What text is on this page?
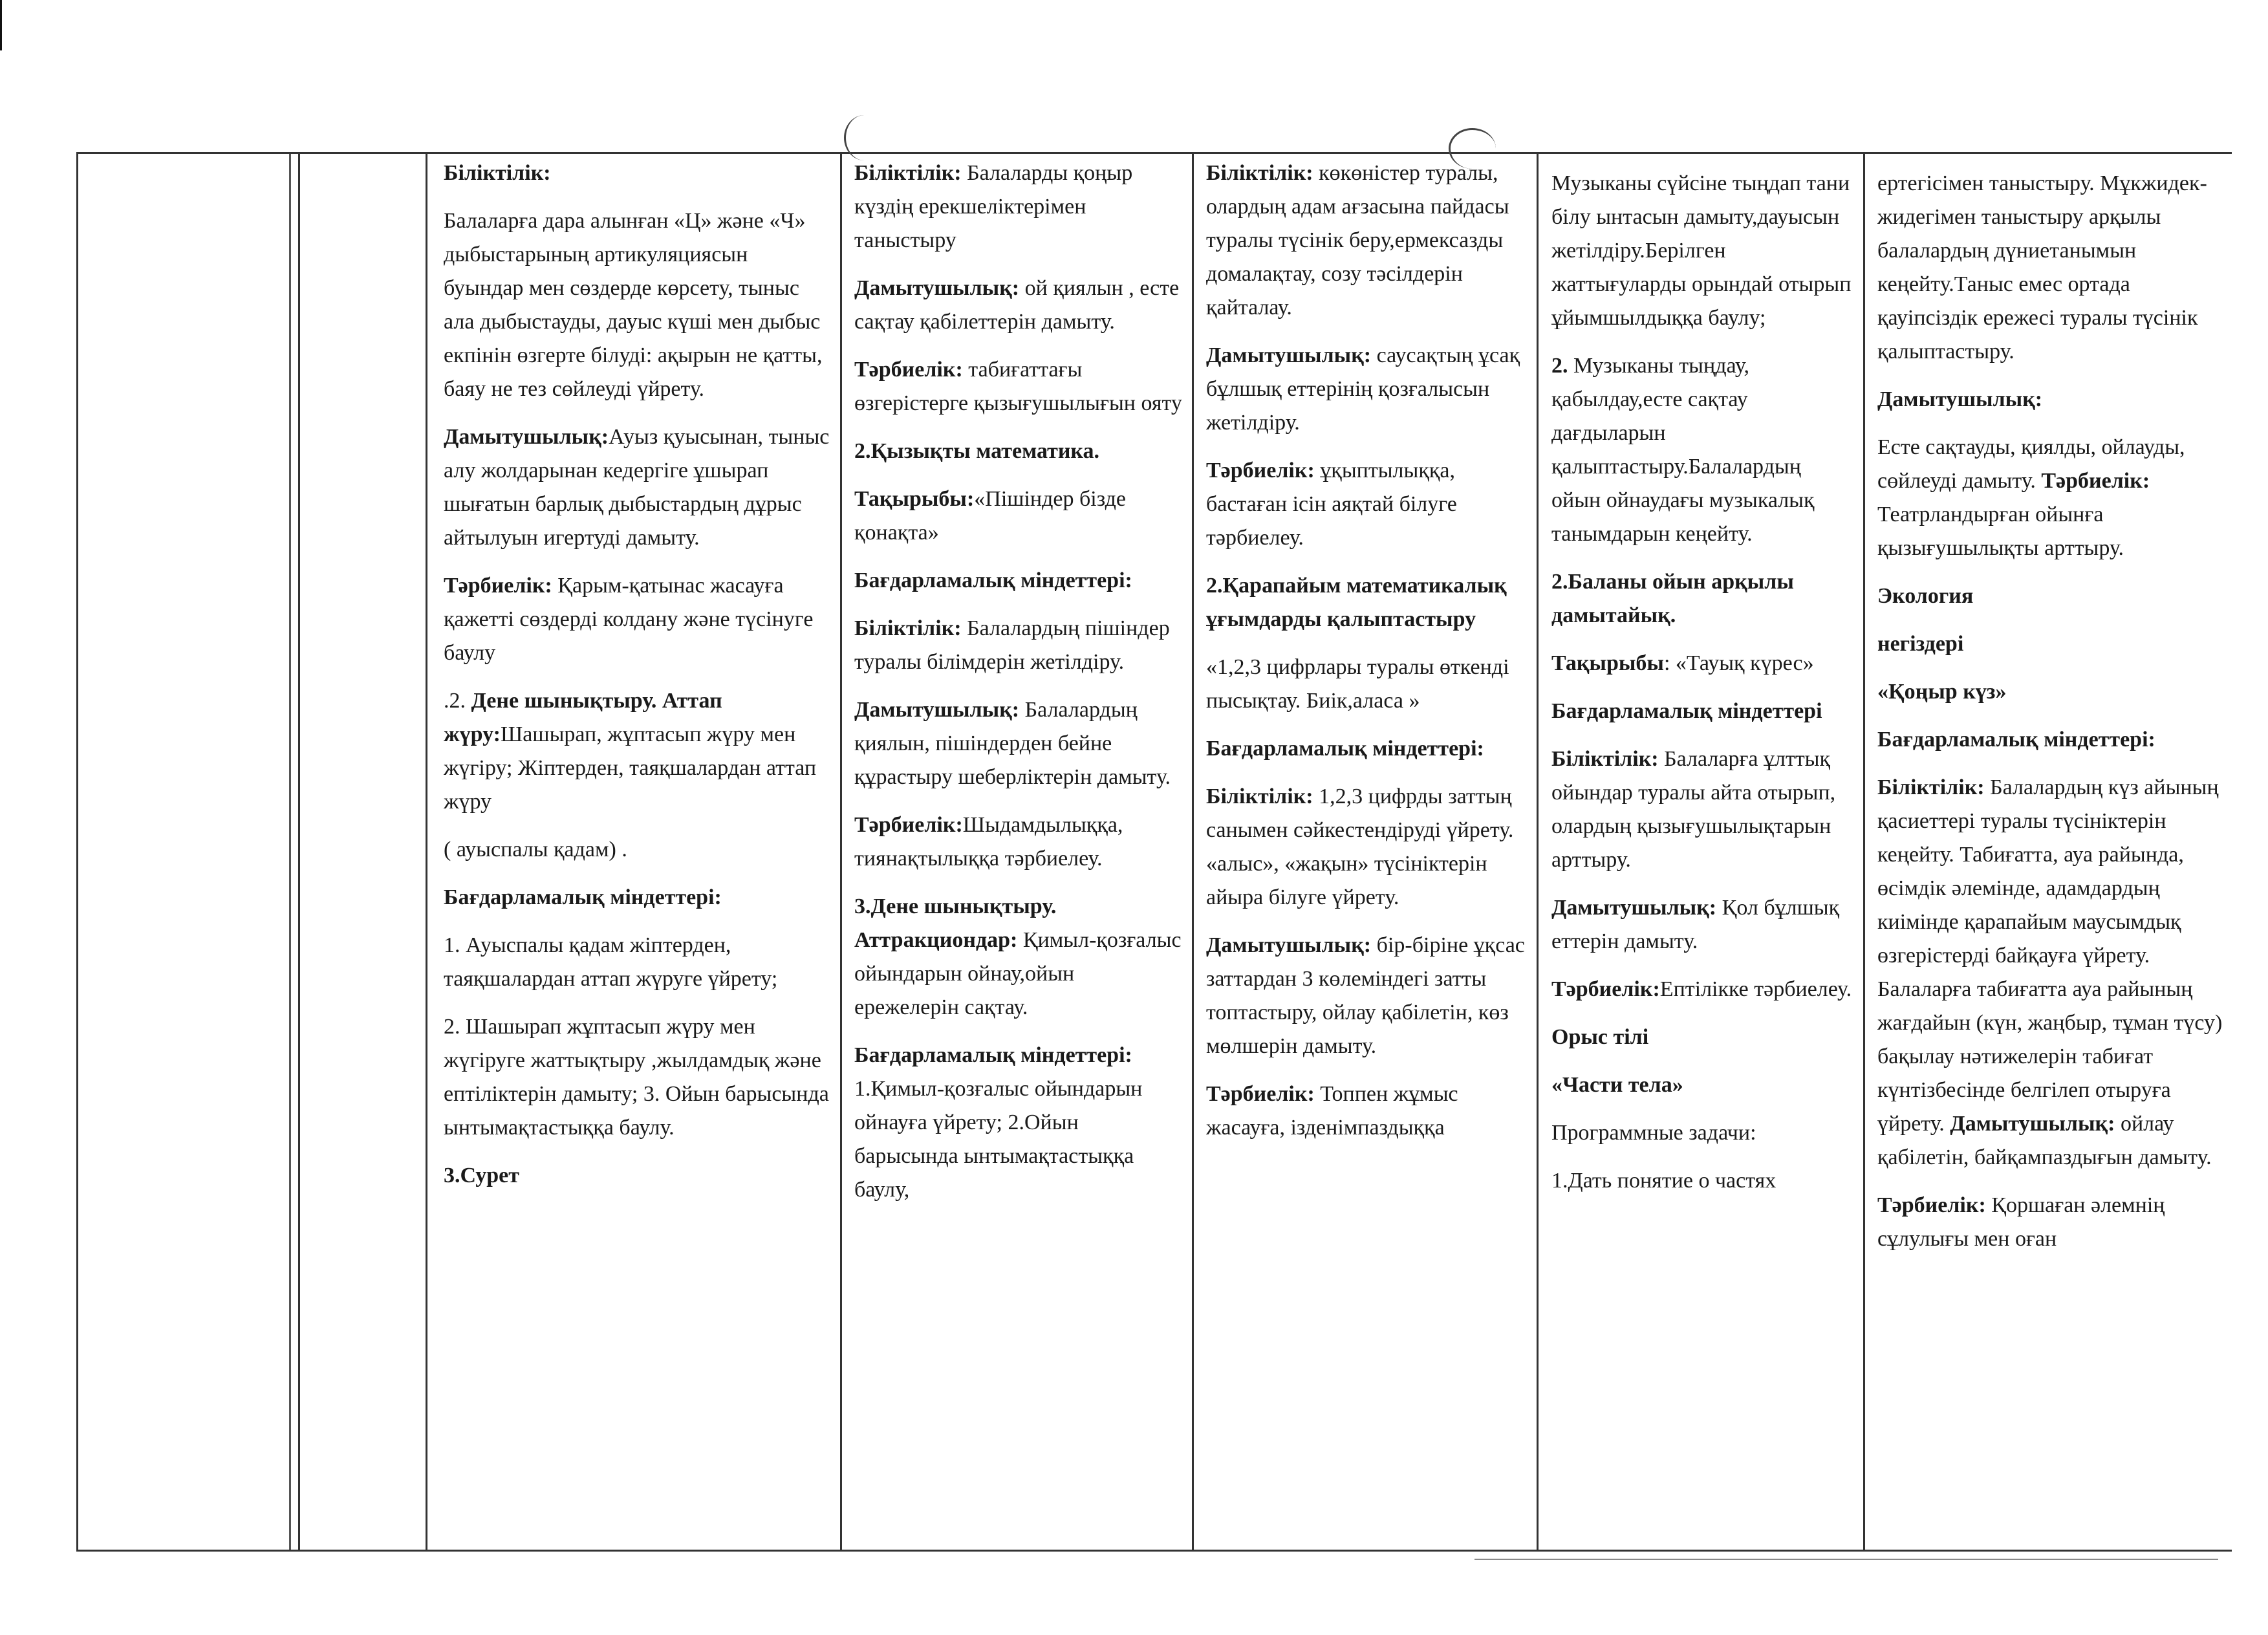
Біліктілік:

Балаларға дара алынған «Ц» және «Ч» дыбыстарының артикуляциясын буындар мен сөздерде көрсету, тыныс ала дыбыстауды, дауыс күші мен дыбыс екпінін өзгерте білуді: ақырын не қатты, баяу не тез сөйлеуді үйрету.

Дамытушылық:Ауыз қуысынан, тыныс алу жолдарынан кедергіге ұшырап шығатын барлық дыбыстардың дұрыс айтылуын игертуді дамыту.

Тәрбиелік: Қарым-қатынас жасауға қажетті сөздерді колдану және түсінуге баулу

.2. Дене шынықтыру. Аттап жүру:Шашырап, жұптасып жүру мен жүгіру; Жіптерден, таяқшалардан аттап жүру

( ауыспалы қадам) .

Бағдарламалық міндеттері:

1. Ауыспалы қадам жіптерден, таяқшалардан аттап жүруге үйрету;

2. Шашырап жұптасып жүру мен жүгіруге жаттықтыру ,жылдамдық және ептіліктерін дамыту; 3. Ойын барысында ынтымақтастыққа баулу.

3.Сурет

Біліктілік: Балаларды қоңыр күздің ерекшеліктерімен таныстыру

Дамытушылық: ой қиялын , есте сақтау қабілеттерін дамыту.

Тәрбиелік: табиғаттағы өзгерістерге қызығушылығын ояту

2.Қызықты математика.

Тақырыбы:«Пішіндер бізде қонақта»

Бағдарламалық міндеттері:

Біліктілік: Балалардың пішіндер туралы білімдерін жетілдіру.

Дамытушылық: Балалардың қиялын, пішіндерден бейне құрастыру шеберліктерін дамыту.

Тәрбиелік:Шыдамдылыққа, тиянақтылыққа тәрбиелеу.

3.Дене шынықтыру. Аттракциондар: Қимыл-қозғалыс ойындарын ойнау,ойын ережелерін сақтау.

Бағдарламалық міндеттері: 1.Қимыл-қозғалыс ойындарын ойнауға үйрету; 2.Ойын барысында ынтымақтастыққа баулу,

Біліктілік: көкөністер туралы, олардың адам ағзасына пайдасы туралы түсінік беру,ермексазды домалақтау, созу тәсілдерін қайталау.

Дамытушылық: саусақтың ұсақ бұлшық еттерінің қозғалысын жетілдіру.

Тәрбиелік: ұқыптылыққа, бастаған ісін аяқтай білуге тәрбиелеу.

2.Қарапайым математикалық ұғымдарды қалыптастыру

«1,2,3 цифрлары туралы өткенді пысықтау. Биік,аласа »

Бағдарламалық міндеттері:

Біліктілік: 1,2,3 цифрды заттың санымен сәйкестендіруді үйрету. «алыс», «жақын» түсініктерін айыра білуге үйрету.

Дамытушылық: бір-біріне ұқсас заттардан 3 көлеміндегі затты топтастыру, ойлау қабілетін, көз мөлшерін дамыту.

Тәрбиелік: Топпен жұмыс жасауға, ізденімпаздыққа

Музыканы сүйсіне тыңдап тани білу ынтасын дамыту,дауысын жетілдіру.Берілген жаттығуларды орындай отырып ұйымшылдыққа баулу;

2. Музыканы тыңдау, қабылдау,есте сақтау дағдыларын қалыптастыру.Балалардың ойын ойнаудағы музыкалық танымдарын кеңейту.

2.Баланы ойын арқылы дамытайық.

Тақырыбы: «Тауық күрес»

Бағдарламалық міндеттері

Біліктілік: Балаларға ұлттық ойындар туралы айта отырып, олардың қызығушылықтарын арттыру.

Дамытушылық: Қол бұлшық еттерін дамыту.

Тәрбиелік:Ептілікке тәрбиелеу.

Орыс тілі

«Части тела»

Программные задачи:

1.Дать понятие о частях

ертегісімен таныстыру. Мұкжидек- жидегімен таныстыру арқылы балалардың дүниетанымын кеңейту.Таныс емес ортада қауіпсіздік ережесі туралы түсінік қалыптастыру.

Дамытушылық:

Есте сақтауды, қиялды, ойлауды, сөйлеуді дамыту. Тәрбиелік: Театрландырған ойынға қызығушылықты арттыру.

Экология

негіздері

«Қоңыр күз»

Бағдарламалық міндеттері:

Біліктілік: Балалардың күз айының қасиеттері туралы түсініктерін кеңейту. Табиғатта, ауа райында, өсімдік әлемінде, адамдардың киімінде қарапайым маусымдық өзгерістерді байқауға үйрету. Балаларға табиғатта ауа райының жағдайын (күн, жаңбыр, тұман түсу) бақылау нәтижелерін табиғат күнтізбесінде белгілеп отыруға үйрету. Дамытушылық: ойлау қабілетін, байқампаздығын дамыту.

Тәрбиелік: Қоршаған әлемнің сұлулығы мен оған
